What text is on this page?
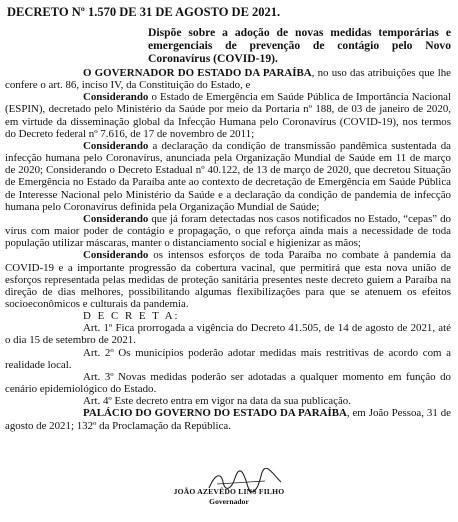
DECRETO Nº 1.570 DE 31 DE AGOSTO DE 2021.
Dispõe sobre a adoção de novas medidas temporárias e emergenciais de prevenção de contágio pelo Novo Coronavírus (COVID-19).

O GOVERNADOR DO ESTADO DA PARAÍBA, no uso das atribuições que lhe confere o art. 86, inciso IV, da Constituição do Estado, e

Considerando o Estado de Emergência em Saúde Pública de Importância Nacional (ESPIN), decretado pelo Ministério da Saúde por meio da Portaria nº 188, de 03 de janeiro de 2020, em virtude da disseminação global da Infecção Humana pelo Coronavírus (COVID-19), nos termos do Decreto federal nº 7.616, de 17 de novembro de 2011;

Considerando a declaração da condição de transmissão pandêmica sustentada da infecção humana pelo Coronavírus, anunciada pela Organização Mundial de Saúde em 11 de março de 2020; Considerando o Decreto Estadual nº 40.122, de 13 de março de 2020, que decretou Situação de Emergência no Estado da Paraíba ante ao contexto de decretação de Emergência em Saúde Pública de Interesse Nacional pelo Ministério da Saúde e a declaração da condição de pandemia de infecção humana pelo Coronavírus definida pela Organização Mundial de Saúde;

Considerando que já foram detectadas nos casos notificados no Estado, “cepas” do vírus com maior poder de contágio e propagação, o que reforça ainda mais a necessidade de toda população utilizar máscaras, manter o distanciamento social e higienizar as mãos;

Considerando os intensos esforços de toda Paraíba no combate à pandemia da COVID-19 e a importante progressão da cobertura vacinal, que permitirá que esta nova união de esforços representada pelas medidas de proteção sanitária presentes neste decreto guiem a Paraíba na direção de dias melhores, possibilitando algumas flexibilizações para que se atenuem os efeitos socioeconômicos e culturais da pandemia.

D E C R E T A:

Art. 1º Fica prorrogada a vigência do Decreto 41.505, de 14 de agosto de 2021, até o dia 15 de setembro de 2021.

Art. 2º Os municípios poderão adotar medidas mais restritivas de acordo com a realidade local.

Art. 3º Novas medidas poderão ser adotadas a qualquer momento em função do cenário epidemiológico do Estado.

Art. 4º Este decreto entra em vigor na data da sua publicação.

PALÁCIO DO GOVERNO DO ESTADO DA PARAÍBA, em João Pessoa, 31 de agosto de 2021; 132º da Proclamação da República.

JOÃO AZEVÊDO LINS FILHO
Governador
